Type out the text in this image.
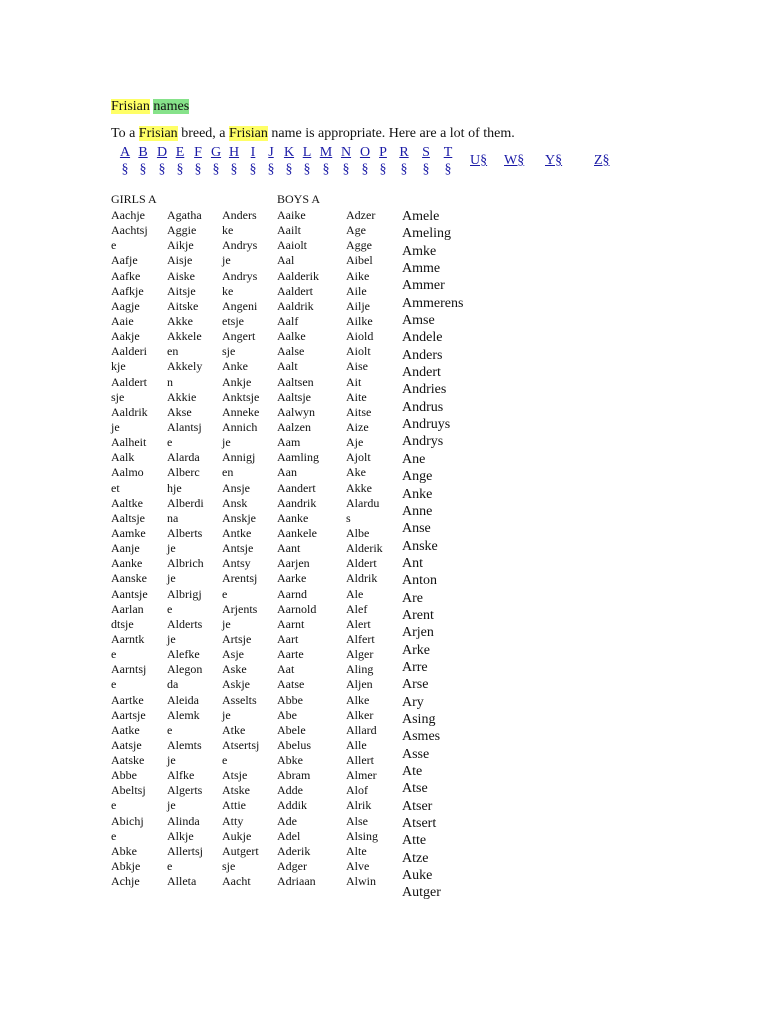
Frisian names
To a Frisian breed, a Frisian name is appropriate. Here are a lot of them.
A
§
B
§
D
§
E
§
F
§
G
§
H
§
I
§
J
§
K
§
L
§
M
§
N
§
O
§
P
§
R
§
S
§
T
§
U§ W§ Y§ Z§
GIRLS A	BOYS A
Aachje
Aachtsj
e
Aafje
Aafke
Aafkje
Aagje
Aaie
Aakje
Aalderi
kje
Aaldert
sje
Aaldrik
je
Aalheit
Aalk
Aalmo
et
Aaltke
Aaltsje
Aamke
Aanje
Aanke
Aanske
Aantsje
Aarlan
dtsje
Aarntk
e
Aarntsj
e
Aartke
Aartsje
Aatke
Aatsje
Aatske
Abbe
Abeltsj
e
Abichj
e
Abke
Abkje
Achje
Agatha
Aggie
Aikje
Aisje
Aiske
Aitsje
Aitske
Akke
Akkele
en
Akkely
n
Akkie
Akse
Alantsj
e
Alarda
Alberc
hje
Alberdi
na
Alberts
je
Albrich
je
Albrigj
e
Alderts
je
Alefke
Alegon
da
Aleida
Alemk
e
Alemts
je
Alfke
Algerts
je
Alinda
Alkje
Allertsj
e
Alleta
Anders
ke
Andrys
je
Andrys
ke
Angeni
etsje
Angert
sje
Anke
Ankje
Anktsje
Anneke
Annich
je
Annigj
en
Ansje
Ansk
Anskje
Antke
Antsje
Antsy
Arentsj
e
Arjents
je
Artsje
Asje
Aske
Askje
Asselts
je
Atke
Atsertsj
e
Atsje
Atske
Attie
Atty
Aukje
Autgert
sje
Aacht
Aaike
Aailt
Aaiolt
Aal
Aalderik
Aaldert
Aaldrik
Aalf
Aalke
Aalse
Aalt
Aaltsen
Aaltsje
Aalwyn
Aalzen
Aam
Aamling
Aan
Aandert
Aandrik
Aanke
Aankele
Aant
Aarjen
Aarke
Aarnd
Aarnold
Aarnt
Aart
Aarte
Aat
Aatse
Abbe
Abe
Abele
Abelus
Abke
Abram
Adde
Addik
Ade
Adel
Aderik
Adger
Adriaan
Adzer
Age
Agge
Aibel
Aike
Aile
Ailje
Ailke
Aiold
Aiolt
Aise
Ait
Aite
Aitse
Aize
Aje
Ajolt
Ake
Akke
Alardu
s
Albe
Alderik
Aldert
Aldrik
Ale
Alef
Alert
Alfert
Alger
Aling
Aljen
Alke
Alker
Allard
Alle
Allert
Almer
Alof
Alrik
Alse
Alsing
Alte
Alve
Alwin
Amele
Ameling
Amke
Amme
Ammer
Ammerens
Amse
Andele
Anders
Andert
Andries
Andrus
Andruys
Andrys
Ane
Ange
Anke
Anne
Anse
Anske
Ant
Anton
Are
Arent
Arjen
Arke
Arre
Arse
Ary
Asing
Asmes
Asse
Ate
Atse
Atser
Atsert
Atte
Atze
Auke
Autger
